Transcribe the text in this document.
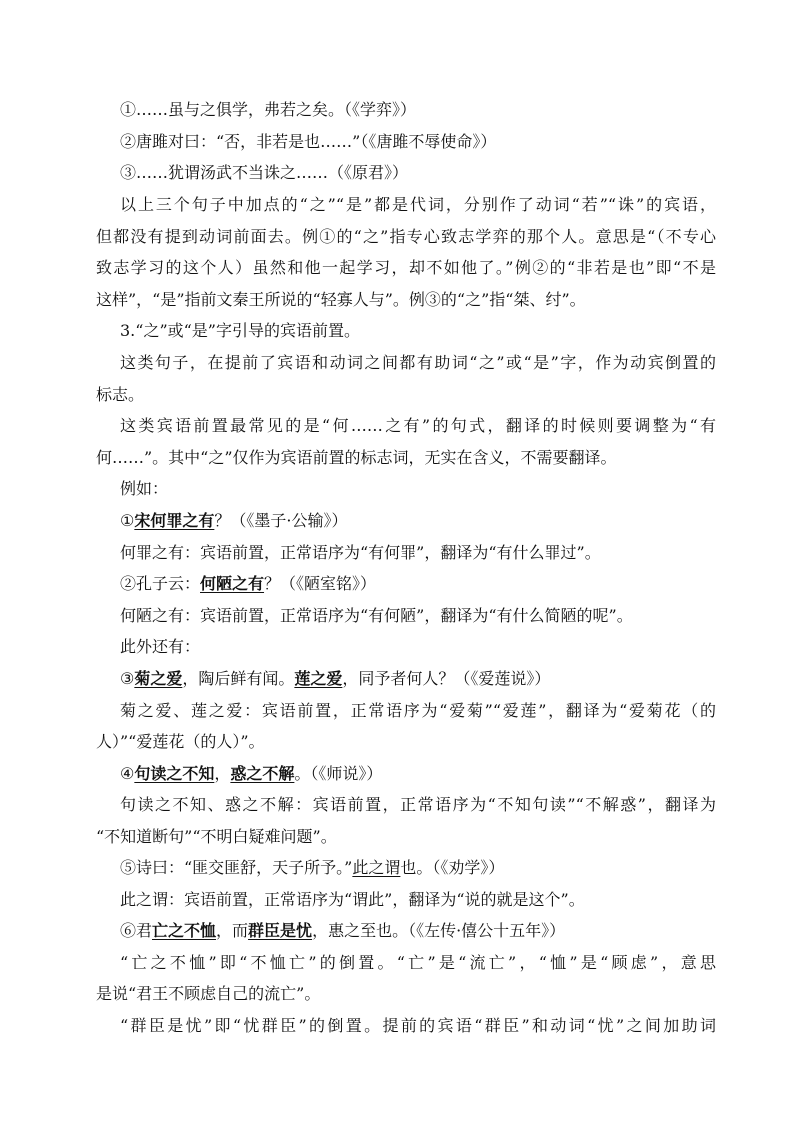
①……虽与之俱学，弗若之矣。（《学弈》）
②唐雎对曰：“否，非若是也……”（《唐雎不辱使命》）
③……犹谓汤武不当诛之……（《原君》）
以上三个句子中加点的“之”“是”都是代词，分别作了动词“若”“诛”的宾语，
但都没有提到动词前面去。例①的“之”指专心致志学弈的那个人。意思是“（不专心
致志学习的这个人）虽然和他一起学习，却不如他了。”例②的“非若是也”即“不是
这样”，“是”指前文秦王所说的“轻寡人与”。例③的“之”指“桀、纣”。
3.“之”或“是”字引导的宾语前置。
这类句子，在提前了宾语和动词之间都有助词“之”或“是”字，作为动宾倒置的
标志。
这类宾语前置最常见的是“何……之有”的句式，翻译的时候则要调整为“有
何……”。其中“之”仅作为宾语前置的标志词，无实在含义，不需要翻译。
例如：
①宋何罪之有？（《墨子·公输》）
何罪之有：宾语前置，正常语序为“有何罪”，翻译为“有什么罪过”。
②孔子云：何陋之有？（《陋室铭》）
何陋之有：宾语前置，正常语序为“有何陋”，翻译为“有什么简陋的呢”。
此外还有：
③菊之爱，陶后鲜有闻。莲之爱，同予者何人？（《爱莲说》）
菊之爱、莲之爱：宾语前置，正常语序为“爱菊”“爱莲”，翻译为“爱菊花（的
人）”“爱莲花（的人）”。
④句读之不知，惑之不解。（《师说》）
句读之不知、惑之不解：宾语前置，正常语序为“不知句读”“不解惑”，翻译为
“不知道断句”“不明白疑难问题”。
⑤诗曰：“匪交匪舒，天子所予。”此之谓也。（《劝学》）
此之谓：宾语前置，正常语序为“谓此”，翻译为“说的就是这个”。
⑥君亡之不恤，而群臣是忧，惠之至也。（《左传·僖公十五年》）
“亡之不恤”即“不恤亡”的倒置。“亡”是“流亡”，“恤”是“顾虑”，意思
是说“君王不顾虑自己的流亡”。
“群臣是忧”即“忧群臣”的倒置。提前的宾语“群臣”和动词“忧”之间加助词
